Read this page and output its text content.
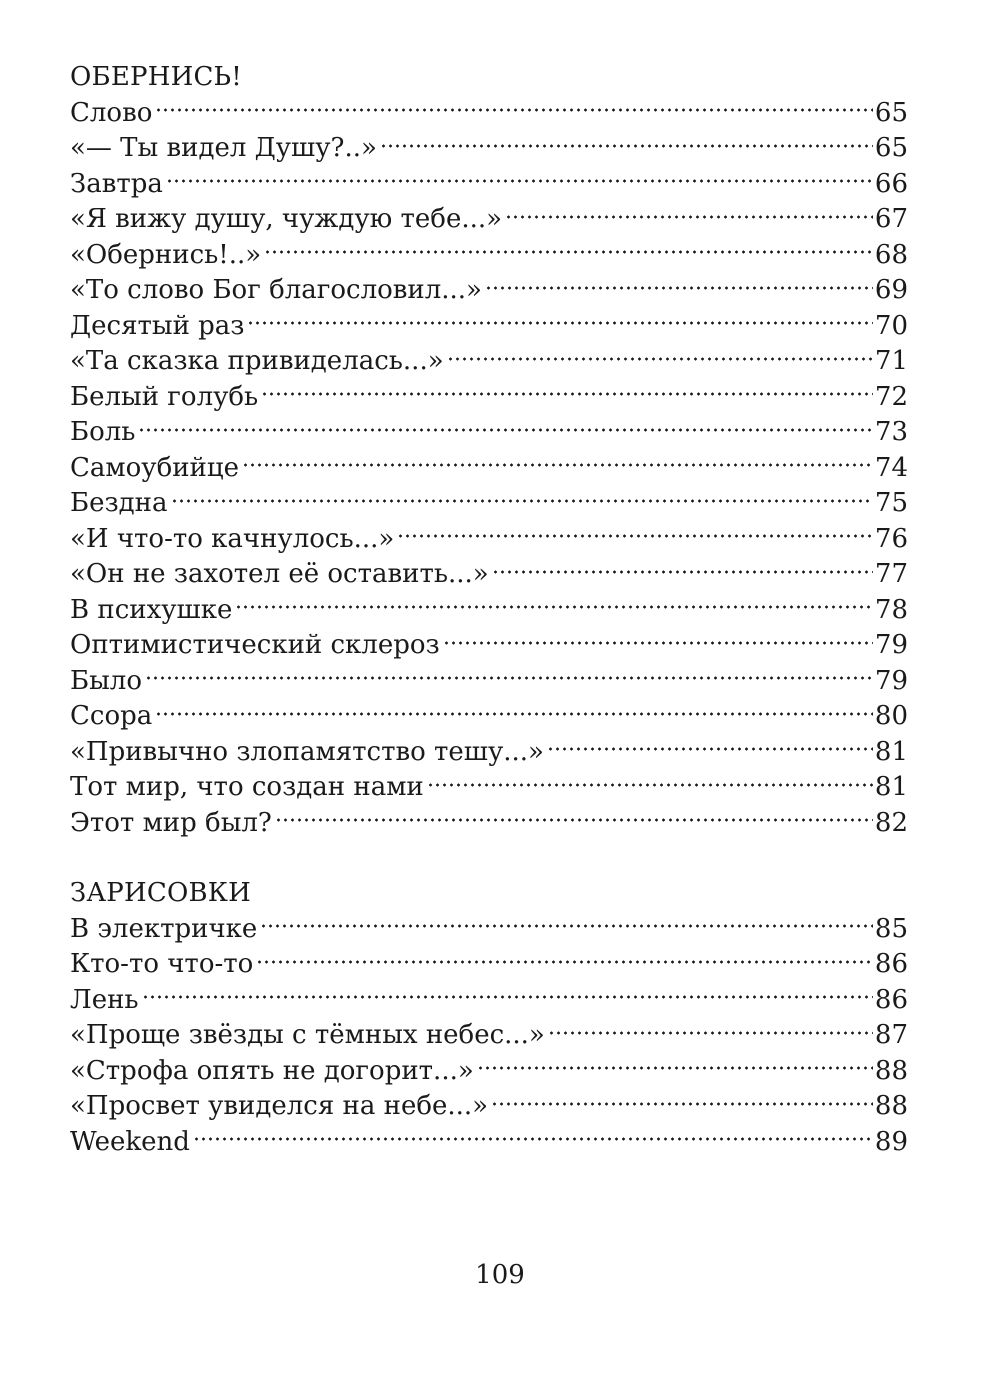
ОБЕРНИСЬ!
Слово	65
«— Ты видел Душу?..»	65
Завтра	66
«Я вижу душу, чуждую тебе...»	67
«Обернись!..»	68
«То слово Бог благословил...»	69
Десятый раз	70
«Та сказка привиделась...»	71
Белый голубь	72
Боль	73
Самоубийце	74
Бездна	75
«И что-то качнулось...»	76
«Он не захотел её оставить...»	77
В психушке	78
Оптимистический склероз	79
Было	79
Ссора	80
«Привычно злопамятство тешу...»	81
Тот мир, что создан нами	81
Этот мир был?	82
ЗАРИСОВКИ
В электричке	85
Кто-то что-то	86
Лень	86
«Проще звёзды с тёмных небес...»	87
«Строфа опять не догорит...»	88
«Просвет увиделся на небе...»	88
Weekend	89
109
